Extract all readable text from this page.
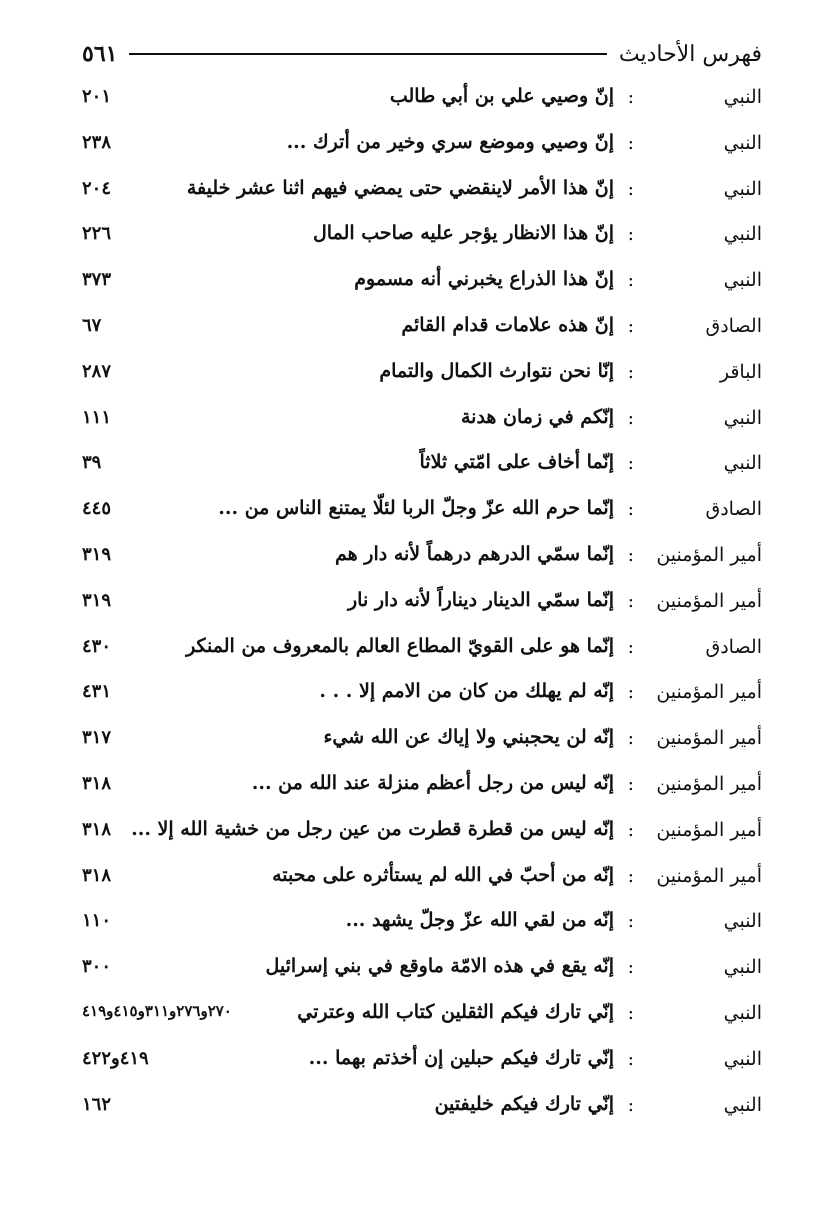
فهرس الأحاديث
٥٦١
النبي
:
إنّ وصيي علي بن أبي طالب
٢٠١
النبي
:
إنّ وصيي وموضع سري وخير من أترك ...
٢٣٨
النبي
:
إنّ هذا الأمر لاينقضي حتى يمضي فيهم اثنا عشر خليفة
٢٠٤
النبي
:
إنّ هذا الانظار يؤجر عليه صاحب المال
٢٢٦
النبي
:
إنّ هذا الذراع يخبرني أنه مسموم
٣٧٣
الصادق
:
إنّ هذه علامات قدام القائم
٦٧
الباقر
:
إنّا نحن نتوارث الكمال والتمام
٢٨٧
النبي
:
إنّكم في زمان هدنة
١١١
النبي
:
إنّما أخاف على امّتي ثلاثاً
٣٩
الصادق
:
إنّما حرم الله عزّ وجلّ الربا لئلّا يمتنع الناس من ...
٤٤٥
أمير المؤمنين
:
إنّما سمّي الدرهم درهماً لأنه دار هم
٣١٩
أمير المؤمنين
:
إنّما سمّي الدينار ديناراً لأنه دار نار
٣١٩
الصادق
:
إنّما هو على القويّ المطاع العالم بالمعروف من المنكر
٤٣٠
أمير المؤمنين
:
إنّه لم يهلك من كان من الامم إلا . . .
٤٣١
أمير المؤمنين
:
إنّه لن يحجبني ولا إياك عن الله شيء
٣١٧
أمير المؤمنين
:
إنّه ليس من رجل أعظم منزلة عند الله من ...
٣١٨
أمير المؤمنين
:
إنّه ليس من قطرة قطرت من عين رجل من خشية الله إلا ...
٣١٨
أمير المؤمنين
:
إنّه من أحبّ في الله لم يستأثره على محبته
٣١٨
النبي
:
إنّه من لقي الله عزّ وجلّ يشهد ...
١١٠
النبي
:
إنّه يقع في هذه الامّة ماوقع في بني إسرائيل
٣٠٠
النبي
:
إنّي تارك فيكم الثقلين كتاب الله وعترتي
٢٧٠و٢٧٦و٣١١و٤١٥و٤١٩
النبي
:
إنّي تارك فيكم حبلين إن أخذتم بهما ...
٤١٩و٤٢٢
النبي
:
إنّي تارك فيكم خليفتين
١٦٢
